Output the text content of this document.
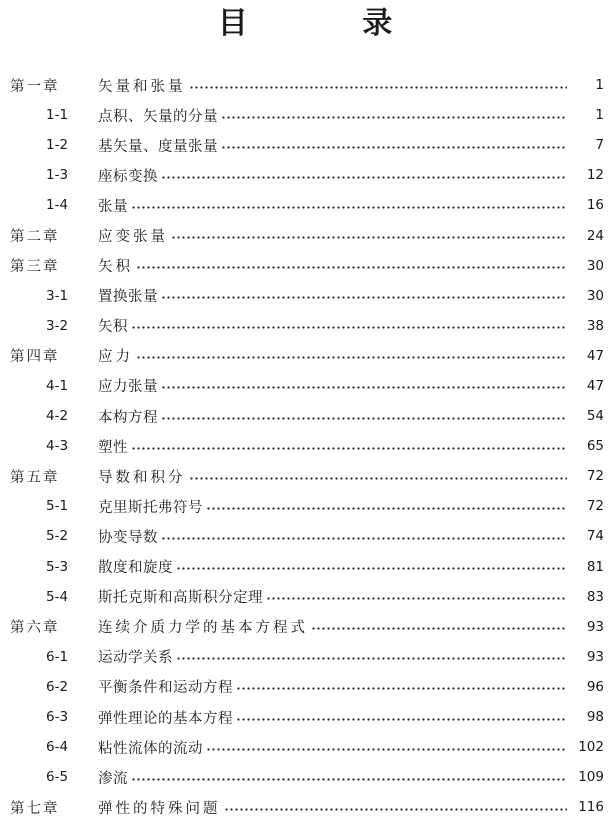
目 录
第一章	矢量和张量	1
1-1	点积、矢量的分量	1
1-2	基矢量、度量张量	7
1-3	座标变换	12
1-4	张量	16
第二章	应变张量	24
第三章	矢积	30
3-1	置换张量	30
3-2	矢积	38
第四章	应力	47
4-1	应力张量	47
4-2	本构方程	54
4-3	塑性	65
第五章	导数和积分	72
5-1	克里斯托弗符号	72
5-2	协变导数	74
5-3	散度和旋度	81
5-4	斯托克斯和高斯积分定理	83
第六章	连续介质力学的基本方程式	93
6-1	运动学关系	93
6-2	平衡条件和运动方程	96
6-3	弹性理论的基本方程	98
6-4	粘性流体的流动	102
6-5	渗流	109
第七章	弹性的特殊问题	116
